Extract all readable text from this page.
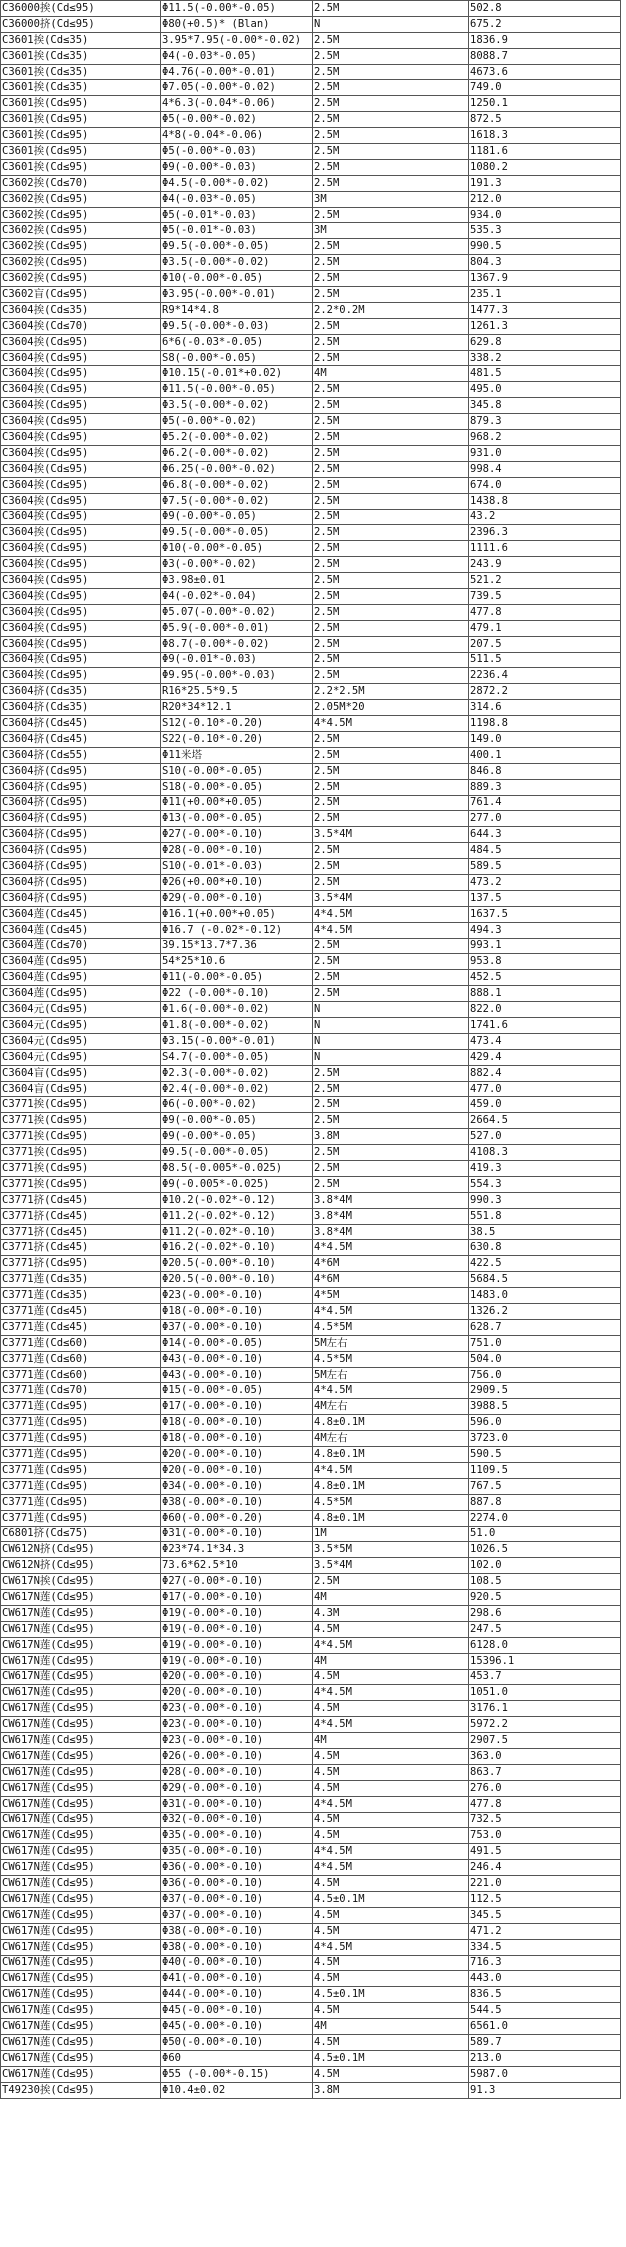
C36000挨(Cd≤95)	Φ11.5(-0.00*-0.05)	2.5M	502.8
C36000挤(Cd≤95)	Φ80(+0.5)* (Blan)	N	675.2
C3601挨(Cd≤35)	3.95*7.95(-0.00*-0.02)	2.5M	1836.9
C3601挨(Cd≤35)	Φ4(-0.03*-0.05)	2.5M	8088.7
C3601挨(Cd≤35)	Φ4.76(-0.00*-0.01)	2.5M	4673.6
C3601挨(Cd≤35)	Φ7.05(-0.00*-0.02)	2.5M	749.0
C3601挨(Cd≤95)	4*6.3(-0.04*-0.06)	2.5M	1250.1
C3601挨(Cd≤95)	Φ5(-0.00*-0.02)	2.5M	872.5
C3601挨(Cd≤95)	4*8(-0.04*-0.06)	2.5M	1618.3
C3601挨(Cd≤95)	Φ5(-0.00*-0.03)	2.5M	1181.6
C3601挨(Cd≤95)	Φ9(-0.00*-0.03)	2.5M	1080.2
C3602挨(Cd≤70)	Φ4.5(-0.00*-0.02)	2.5M	191.3
C3602挨(Cd≤95)	Φ4(-0.03*-0.05)	3M	212.0
C3602挨(Cd≤95)	Φ5(-0.01*-0.03)	2.5M	934.0
C3602挨(Cd≤95)	Φ5(-0.01*-0.03)	3M	535.3
C3602挨(Cd≤95)	Φ9.5(-0.00*-0.05)	2.5M	990.5
C3602挨(Cd≤95)	Φ3.5(-0.00*-0.02)	2.5M	804.3
C3602挨(Cd≤95)	Φ10(-0.00*-0.05)	2.5M	1367.9
C3602盲(Cd≤95)	Φ3.95(-0.00*-0.01)	2.5M	235.1
C3604挨(Cd≤35)	R9*14*4.8	2.2*0.2M	1477.3
C3604挨(Cd≤70)	Φ9.5(-0.00*-0.03)	2.5M	1261.3
C3604挨(Cd≤95)	6*6(-0.03*-0.05)	2.5M	629.8
C3604挨(Cd≤95)	S8(-0.00*-0.05)	2.5M	338.2
C3604挨(Cd≤95)	Φ10.15(-0.01*+0.02)	4M	481.5
C3604挨(Cd≤95)	Φ11.5(-0.00*-0.05)	2.5M	495.0
C3604挨(Cd≤95)	Φ3.5(-0.00*-0.02)	2.5M	345.8
C3604挨(Cd≤95)	Φ5(-0.00*-0.02)	2.5M	879.3
C3604挨(Cd≤95)	Φ5.2(-0.00*-0.02)	2.5M	968.2
C3604挨(Cd≤95)	Φ6.2(-0.00*-0.02)	2.5M	931.0
C3604挨(Cd≤95)	Φ6.25(-0.00*-0.02)	2.5M	998.4
C3604挨(Cd≤95)	Φ6.8(-0.00*-0.02)	2.5M	674.0
C3604挨(Cd≤95)	Φ7.5(-0.00*-0.02)	2.5M	1438.8
C3604挨(Cd≤95)	Φ9(-0.00*-0.05)	2.5M	43.2
C3604挨(Cd≤95)	Φ9.5(-0.00*-0.05)	2.5M	2396.3
C3604挨(Cd≤95)	Φ10(-0.00*-0.05)	2.5M	1111.6
C3604挨(Cd≤95)	Φ3(-0.00*-0.02)	2.5M	243.9
C3604挨(Cd≤95)	Φ3.98±0.01	2.5M	521.2
C3604挨(Cd≤95)	Φ4(-0.02*-0.04)	2.5M	739.5
C3604挨(Cd≤95)	Φ5.07(-0.00*-0.02)	2.5M	477.8
C3604挨(Cd≤95)	Φ5.9(-0.00*-0.01)	2.5M	479.1
C3604挨(Cd≤95)	Φ8.7(-0.00*-0.02)	2.5M	207.5
C3604挨(Cd≤95)	Φ9(-0.01*-0.03)	2.5M	511.5
C3604挨(Cd≤95)	Φ9.95(-0.00*-0.03)	2.5M	2236.4
C3604挤(Cd≤35)	R16*25.5*9.5	2.2*2.5M	2872.2
C3604挤(Cd≤35)	R20*34*12.1	2.05M*20	314.6
C3604挤(Cd≤45)	S12(-0.10*-0.20)	4*4.5M	1198.8
C3604挤(Cd≤45)	S22(-0.10*-0.20)	2.5M	149.0
C3604挤(Cd≤55)	Φ11米塔	2.5M	400.1
C3604挤(Cd≤95)	S10(-0.00*-0.05)	2.5M	846.8
C3604挤(Cd≤95)	S18(-0.00*-0.05)	2.5M	889.3
C3604挤(Cd≤95)	Φ11(+0.00*+0.05)	2.5M	761.4
C3604挤(Cd≤95)	Φ13(-0.00*-0.05)	2.5M	277.0
C3604挤(Cd≤95)	Φ27(-0.00*-0.10)	3.5*4M	644.3
C3604挤(Cd≤95)	Φ28(-0.00*-0.10)	2.5M	484.5
C3604挤(Cd≤95)	S10(-0.01*-0.03)	2.5M	589.5
C3604挤(Cd≤95)	Φ26(+0.00*+0.10)	2.5M	473.2
C3604挤(Cd≤95)	Φ29(-0.00*-0.10)	3.5*4M	137.5
C3604莲(Cd≤45)	Φ16.1(+0.00*+0.05)	4*4.5M	1637.5
C3604莲(Cd≤45)	Φ16.7 (-0.02*-0.12)	4*4.5M	494.3
C3604莲(Cd≤70)	39.15*13.7*7.36	2.5M	993.1
C3604莲(Cd≤95)	54*25*10.6	2.5M	953.8
C3604莲(Cd≤95)	Φ11(-0.00*-0.05)	2.5M	452.5
C3604莲(Cd≤95)	Φ22 (-0.00*-0.10)	2.5M	888.1
C3604元(Cd≤95)	Φ1.6(-0.00*-0.02)	N	822.0
C3604元(Cd≤95)	Φ1.8(-0.00*-0.02)	N	1741.6
C3604元(Cd≤95)	Φ3.15(-0.00*-0.01)	N	473.4
C3604元(Cd≤95)	S4.7(-0.00*-0.05)	N	429.4
C3604盲(Cd≤95)	Φ2.3(-0.00*-0.02)	2.5M	882.4
C3604盲(Cd≤95)	Φ2.4(-0.00*-0.02)	2.5M	477.0
C3771挨(Cd≤95)	Φ6(-0.00*-0.02)	2.5M	459.0
C3771挨(Cd≤95)	Φ9(-0.00*-0.05)	2.5M	2664.5
C3771挨(Cd≤95)	Φ9(-0.00*-0.05)	3.8M	527.0
C3771挨(Cd≤95)	Φ9.5(-0.00*-0.05)	2.5M	4108.3
C3771挨(Cd≤95)	Φ8.5(-0.005*-0.025)	2.5M	419.3
C3771挨(Cd≤95)	Φ9(-0.005*-0.025)	2.5M	554.3
C3771挤(Cd≤45)	Φ10.2(-0.02*-0.12)	3.8*4M	990.3
C3771挤(Cd≤45)	Φ11.2(-0.02*-0.12)	3.8*4M	551.8
C3771挤(Cd≤45)	Φ11.2(-0.02*-0.10)	3.8*4M	38.5
C3771挤(Cd≤45)	Φ16.2(-0.02*-0.10)	4*4.5M	630.8
C3771挤(Cd≤95)	Φ20.5(-0.00*-0.10)	4*6M	422.5
C3771莲(Cd≤35)	Φ20.5(-0.00*-0.10)	4*6M	5684.5
C3771莲(Cd≤35)	Φ23(-0.00*-0.10)	4*5M	1483.0
C3771莲(Cd≤45)	Φ18(-0.00*-0.10)	4*4.5M	1326.2
C3771莲(Cd≤45)	Φ37(-0.00*-0.10)	4.5*5M	628.7
C3771莲(Cd≤60)	Φ14(-0.00*-0.05)	5M左右	751.0
C3771莲(Cd≤60)	Φ43(-0.00*-0.10)	4.5*5M	504.0
C3771莲(Cd≤60)	Φ43(-0.00*-0.10)	5M左右	756.0
C3771莲(Cd≤70)	Φ15(-0.00*-0.05)	4*4.5M	2909.5
C3771莲(Cd≤95)	Φ17(-0.00*-0.10)	4M左右	3988.5
C3771莲(Cd≤95)	Φ18(-0.00*-0.10)	4.8±0.1M	596.0
C3771莲(Cd≤95)	Φ18(-0.00*-0.10)	4M左右	3723.0
C3771莲(Cd≤95)	Φ20(-0.00*-0.10)	4.8±0.1M	590.5
C3771莲(Cd≤95)	Φ20(-0.00*-0.10)	4*4.5M	1109.5
C3771莲(Cd≤95)	Φ34(-0.00*-0.10)	4.8±0.1M	767.5
C3771莲(Cd≤95)	Φ38(-0.00*-0.10)	4.5*5M	887.8
C3771莲(Cd≤95)	Φ60(-0.00*-0.20)	4.8±0.1M	2274.0
C6801挤(Cd≤75)	Φ31(-0.00*-0.10)	1M	51.0
CW612N挤(Cd≤95)	Φ23*74.1*34.3	3.5*5M	1026.5
CW612N挤(Cd≤95)	73.6*62.5*10	3.5*4M	102.0
CW617N挨(Cd≤95)	Φ27(-0.00*-0.10)	2.5M	108.5
CW617N莲(Cd≤95)	Φ17(-0.00*-0.10)	4M	920.5
CW617N莲(Cd≤95)	Φ19(-0.00*-0.10)	4.3M	298.6
CW617N莲(Cd≤95)	Φ19(-0.00*-0.10)	4.5M	247.5
CW617N莲(Cd≤95)	Φ19(-0.00*-0.10)	4*4.5M	6128.0
CW617N莲(Cd≤95)	Φ19(-0.00*-0.10)	4M	15396.1
CW617N莲(Cd≤95)	Φ20(-0.00*-0.10)	4.5M	453.7
CW617N莲(Cd≤95)	Φ20(-0.00*-0.10)	4*4.5M	1051.0
CW617N莲(Cd≤95)	Φ23(-0.00*-0.10)	4.5M	3176.1
CW617N莲(Cd≤95)	Φ23(-0.00*-0.10)	4*4.5M	5972.2
CW617N莲(Cd≤95)	Φ23(-0.00*-0.10)	4M	2907.5
CW617N莲(Cd≤95)	Φ26(-0.00*-0.10)	4.5M	363.0
CW617N莲(Cd≤95)	Φ28(-0.00*-0.10)	4.5M	863.7
CW617N莲(Cd≤95)	Φ29(-0.00*-0.10)	4.5M	276.0
CW617N莲(Cd≤95)	Φ31(-0.00*-0.10)	4*4.5M	477.8
CW617N莲(Cd≤95)	Φ32(-0.00*-0.10)	4.5M	732.5
CW617N莲(Cd≤95)	Φ35(-0.00*-0.10)	4.5M	753.0
CW617N莲(Cd≤95)	Φ35(-0.00*-0.10)	4*4.5M	491.5
CW617N莲(Cd≤95)	Φ36(-0.00*-0.10)	4*4.5M	246.4
CW617N莲(Cd≤95)	Φ36(-0.00*-0.10)	4.5M	221.0
CW617N莲(Cd≤95)	Φ37(-0.00*-0.10)	4.5±0.1M	112.5
CW617N莲(Cd≤95)	Φ37(-0.00*-0.10)	4.5M	345.5
CW617N莲(Cd≤95)	Φ38(-0.00*-0.10)	4.5M	471.2
CW617N莲(Cd≤95)	Φ38(-0.00*-0.10)	4*4.5M	334.5
CW617N莲(Cd≤95)	Φ40(-0.00*-0.10)	4.5M	716.3
CW617N莲(Cd≤95)	Φ41(-0.00*-0.10)	4.5M	443.0
CW617N莲(Cd≤95)	Φ44(-0.00*-0.10)	4.5±0.1M	836.5
CW617N莲(Cd≤95)	Φ45(-0.00*-0.10)	4.5M	544.5
CW617N莲(Cd≤95)	Φ45(-0.00*-0.10)	4M	6561.0
CW617N莲(Cd≤95)	Φ50(-0.00*-0.10)	4.5M	589.7
CW617N莲(Cd≤95)	Φ60	4.5±0.1M	213.0
CW617N莲(Cd≤95)	Φ55 (-0.00*-0.15)	4.5M	5987.0
T49230挨(Cd≤95)	Φ10.4±0.02	3.8M	91.3
